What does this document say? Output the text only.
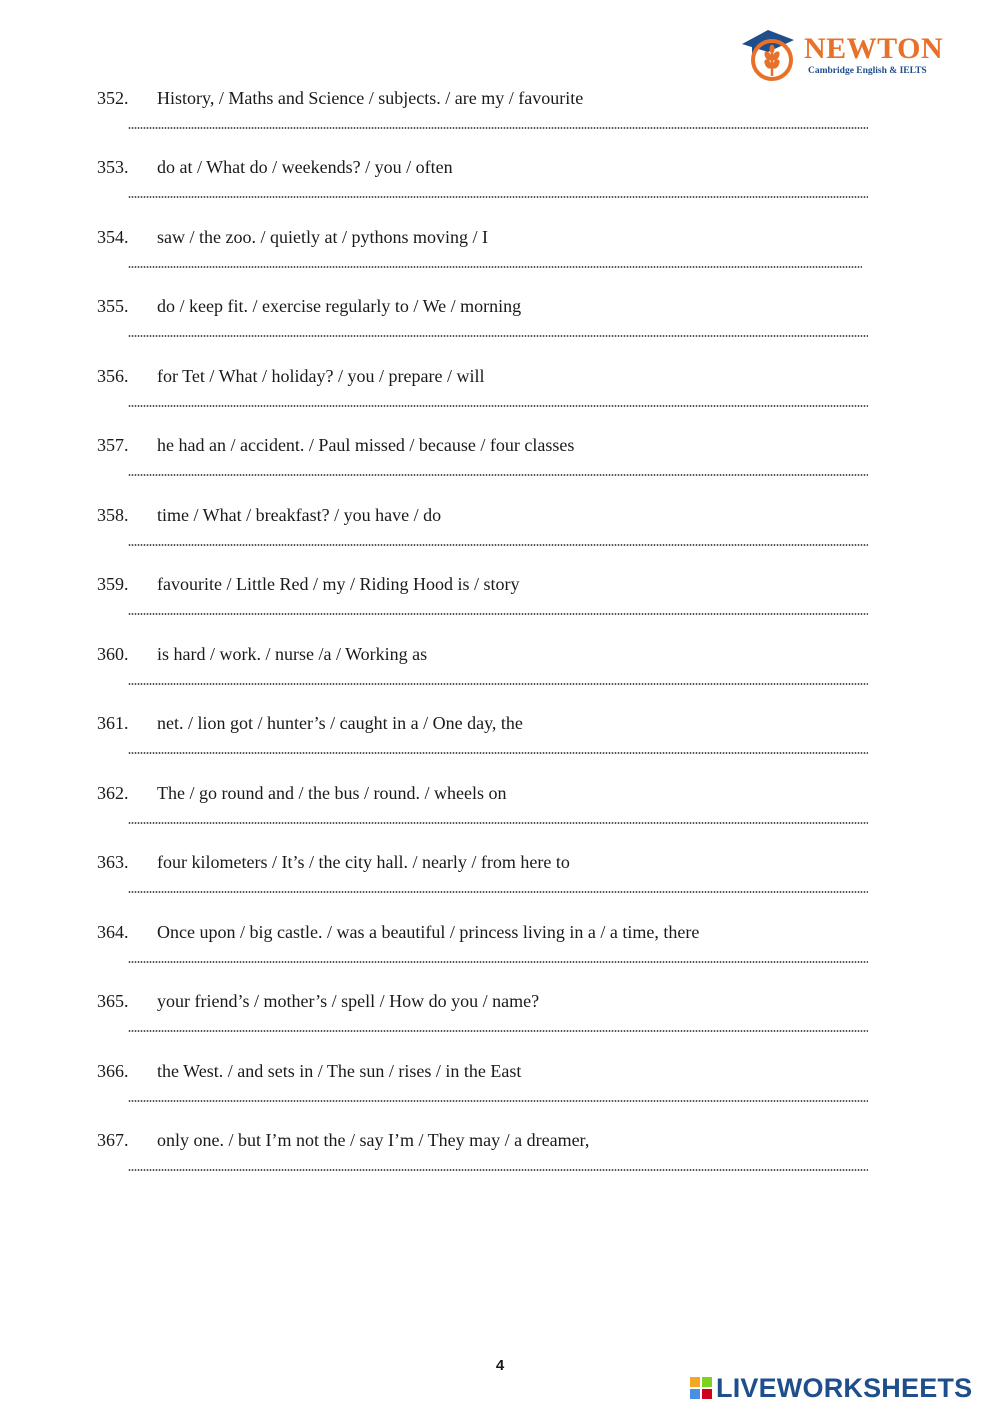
NEWTON
Cambridge English & IELTS
352. History, / Maths and Science / subjects. / are my / favourite
353. do at / What do / weekends? / you / often
354. saw / the zoo. / quietly at / pythons moving / I
355. do / keep fit. / exercise regularly to / We / morning
356. for Tet / What / holiday? / you / prepare / will
357. he had an / accident. / Paul missed / because / four classes
358. time / What / breakfast? / you have / do
359. favourite / Little Red / my / Riding Hood is / story
360. is hard / work. / nurse /a / Working as
361. net. / lion got / hunter’s / caught in a / One day, the
362. The / go round and / the bus / round. / wheels on
363. four kilometers / It’s / the city hall. / nearly / from here to
364. Once upon / big castle. / was a beautiful / princess living in a / a time, there
365. your friend’s / mother’s / spell / How do you / name?
366. the West. / and sets in / The sun / rises / in the East
367. only one. / but I’m not the / say I’m / They may / a dreamer,
4
LIVEWORKSHEETS
